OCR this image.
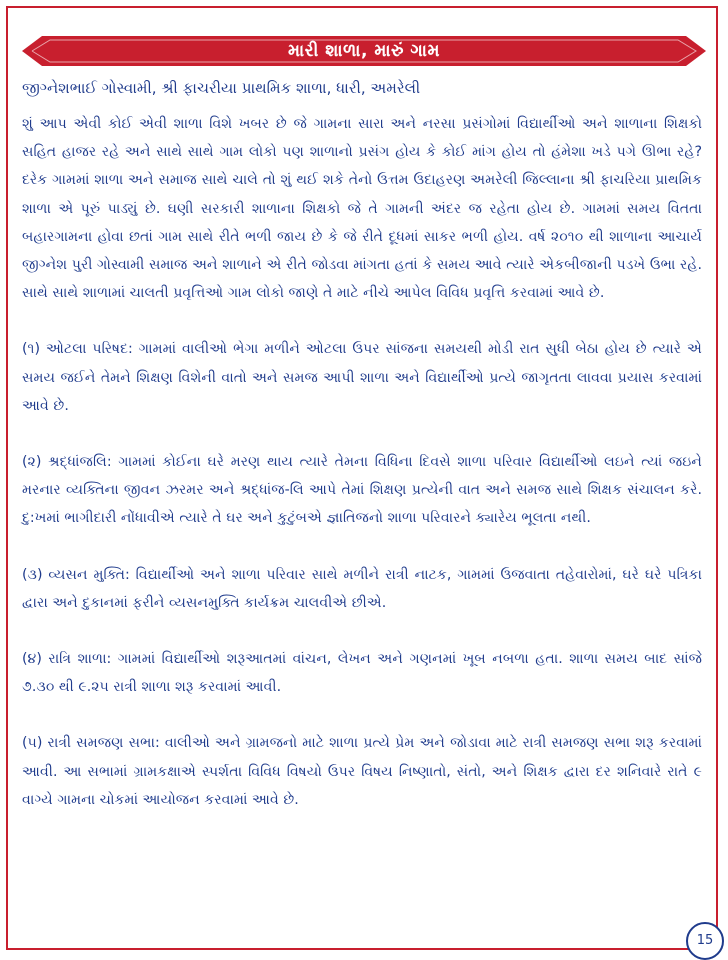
મારી શાળા, મારું ગામ
જીગ્નેશભાઈ ગોસ્વામી, શ્રી ફાચરીયા પ્રાથમિક શાળા, ધારી, અમરેલી

શું આપ એવી કોઈ એવી શાળા વિશે ખબર છે જે ગામના સારા અને નરસા પ્રસંગોમાં વિદ્યાર્થીઓ અને શાળાના શિક્ષકો સહિત હાજર રહે અને સાથે સાથે ગામ લોકો પણ શાળાનો પ્રસંગ હોય કે કોઈ માંગ હોય તો હંમેશા ખડે પગે ઊભા રહે? દરેક ગામમાં શાળા અને સમાજ સાથે ચાલે તો શું થઈ શકે તેનો ઉત્તમ ઉદાહરણ અમરેલી જિલ્લાના શ્રી ફાચરિયા પ્રાથમિક શાળા એ પૂરું પાડ્યું છે. ઘણી સરકારી શાળાના શિક્ષકો જે તે ગામની અંદર જ રહેતા હોય છે. ગામમાં સમય વિતતા બહારગામના હોવા છતાં ગામ સાથે રીતે ભળી જાય છે કે જે રીતે દૂધમાં સાકર ભળી હોય. વર્ષ ૨૦૧૦ થી શાળાના આચાર્ય જીગ્નેશ પુરી ગોસ્વામી સમાજ અને શાળાને એ રીતે જોડવા માંગતા હતાં કે સમય આવે ત્યારે એકબીજાની પડખે ઉભા રહે. સાથે સાથે શાળામાં ચાલતી પ્રવૃત્તિઓ ગામ લોકો જાણે તે માટે નીચે આપેલ વિવિધ પ્રવૃત્તિ કરવામાં આવે છે.

(૧) ઓટલા પરિષદ: ગામમાં વાલીઓ ભેગા મળીને ઓટલા ઉપર સાંજના સમયથી મોડી રાત સુધી બેઠા હોય છે ત્યારે એ સમય જઈને તેમને શિક્ષણ વિશેની વાતો અને સમજ આપી શાળા અને વિદ્યાર્થીઓ પ્રત્યે જાગૃતતા લાવવા પ્રયાસ કરવામાં આવે છે.

(૨) શ્રદ્ધાંજલિ: ગામમાં કોઈના ઘરે મરણ થાય ત્યારે તેમના વિધિના દિવસે શાળા પરિવાર વિદ્યાર્થીઓ લઇને ત્યાં જઇને મરનાર વ્યક્તિના જીવન ઝરમર અને શ્રદ્ધાંજ-લિ આપે તેમાં શિક્ષણ પ્રત્યેની વાત અને સમજ સાથે શિક્ષક સંચાલન કરે. દુ:ખમાં ભાગીદારી નોંધાવીએ ત્યારે તે ઘર અને કુટુંબએ જ્ઞાતિજનો શાળા પરિવારને ક્યારેય ભૂલતા નથી.

(૩) વ્યસન મુક્તિ: વિદ્યાર્થીઓ અને શાળા પરિવાર સાથે મળીને રાત્રી નાટક, ગામમાં ઉજવાતા તહેવારોમાં, ઘરે ઘરે પત્રિકા દ્વારા અને દુકાનમાં ફરીને વ્યસનમુક્તિ કાર્યક્રમ ચાલવીએ છીએ.

(૪) રાત્રિ શાળા: ગામમાં વિદ્યાર્થીઓ શરૂઆતમાં વાંચન, લેખન અને ગણનમાં ખૂબ નબળા હતા. શાળા સમય બાદ સાંજે ૭.૩૦ થી ૯.૨૫ રાત્રી શાળા શરૂ કરવામાં આવી.

(૫) રાત્રી સમજણ સભા: વાલીઓ અને ગ્રામજનો માટે શાળા પ્રત્યે પ્રેમ અને જોડાવા માટે રાત્રી સમજણ સભા શરૂ કરવામાં આવી. આ સભામાં ગ્રામકક્ષાએ સ્પર્શતા વિવિધ વિષયો ઉપર વિષય નિષ્ણાતો, સંતો, અને શિક્ષક દ્વારા દર શનિવારે રાતે ૯ વાગ્યે ગામના ચોકમાં આયોજન કરવામાં આવે છે.

15
